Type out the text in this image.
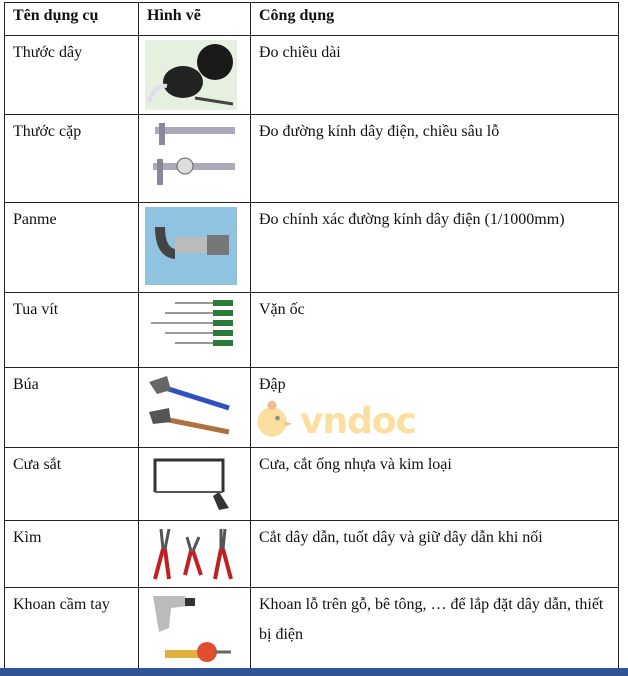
Tên dụng cụ	Hình vẽ	Công dụng
Thước dây		Đo chiều dài
Thước cặp		Đo đường kính dây điện, chiều sâu lỗ
Panme		Đo chính xác đường kính dây điện (1/1000mm)
Tua vít		Vặn ốc
Búa		Đập
Cưa sắt		Cưa, cắt ống nhựa và kim loại
Kìm		Cắt dây dẫn, tuốt dây và giữ dây dẫn khi nối
Khoan cầm tay		Khoan lỗ trên gỗ, bê tông, … để lắp đặt dây dẫn, thiết bị điện
vndoc
